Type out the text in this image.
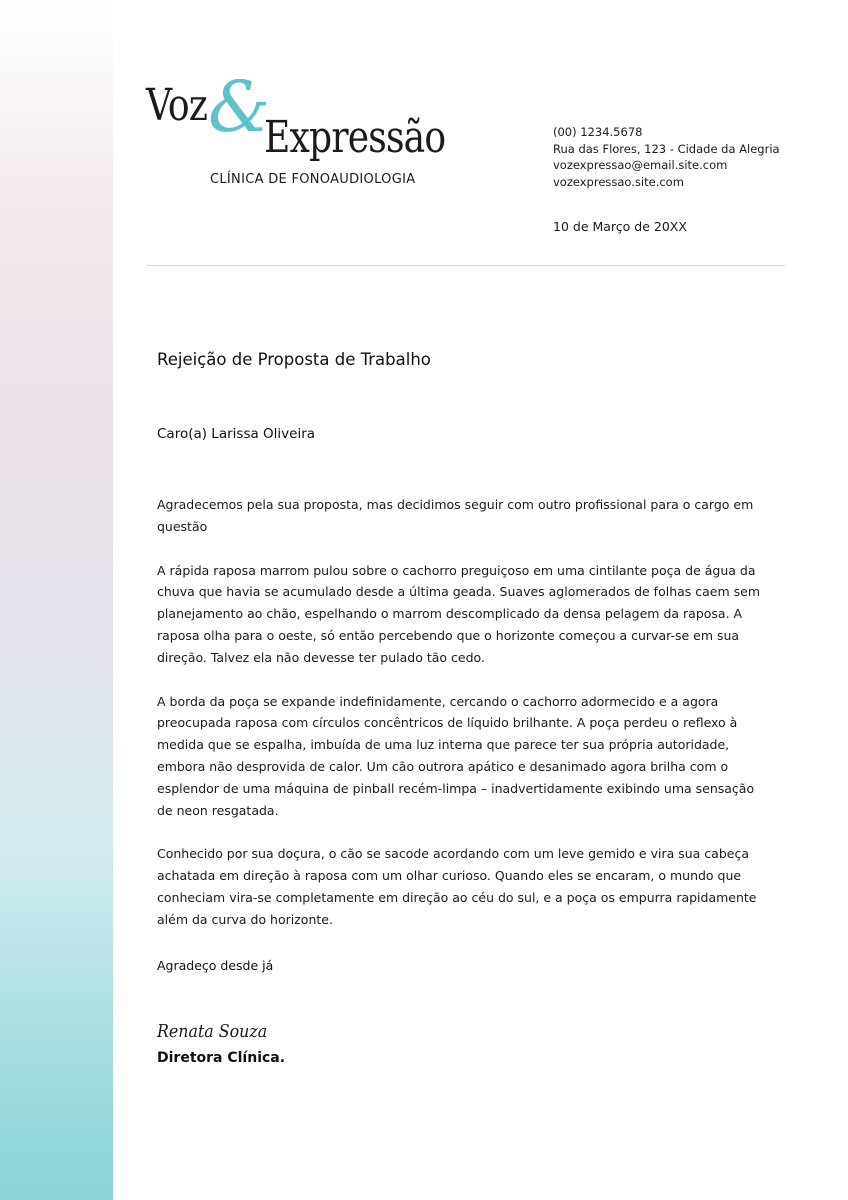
Voz &
Expressão
CLÍNICA DE FONOAUDIOLOGIA
(00) 1234.5678
Rua das Flores, 123 - Cidade da Alegria
vozexpressao@email.site.com
vozexpressao.site.com
10 de Março de 20XX
Rejeição de Proposta de Trabalho
Caro(a) Larissa Oliveira

Agradecemos pela sua proposta, mas decidimos seguir com outro profissional para o cargo em questão

A rápida raposa marrom pulou sobre o cachorro preguiçoso em uma cintilante poça de água da chuva que havia se acumulado desde a última geada. Suaves aglomerados de folhas caem sem planejamento ao chão, espelhando o marrom descomplicado da densa pelagem da raposa. A raposa olha para o oeste, só então percebendo que o horizonte começou a curvar-se em sua direção. Talvez ela não devesse ter pulado tão cedo.

A borda da poça se expande indefinidamente, cercando o cachorro adormecido e a agora preocupada raposa com círculos concêntricos de líquido brilhante. A poça perdeu o reflexo à medida que se espalha, imbuída de uma luz interna que parece ter sua própria autoridade, embora não desprovida de calor. Um cão outrora apático e desanimado agora brilha com o esplendor de uma máquina de pinball recém-limpa – inadvertidamente exibindo uma sensação de neon resgatada.

Conhecido por sua doçura, o cão se sacode acordando com um leve gemido e vira sua cabeça achatada em direção à raposa com um olhar curioso. Quando eles se encaram, o mundo que conheciam vira-se completamente em direção ao céu do sul, e a poça os empurra rapidamente além da curva do horizonte.

Agradeço desde já
Renata Souza
Diretora Clínica.
